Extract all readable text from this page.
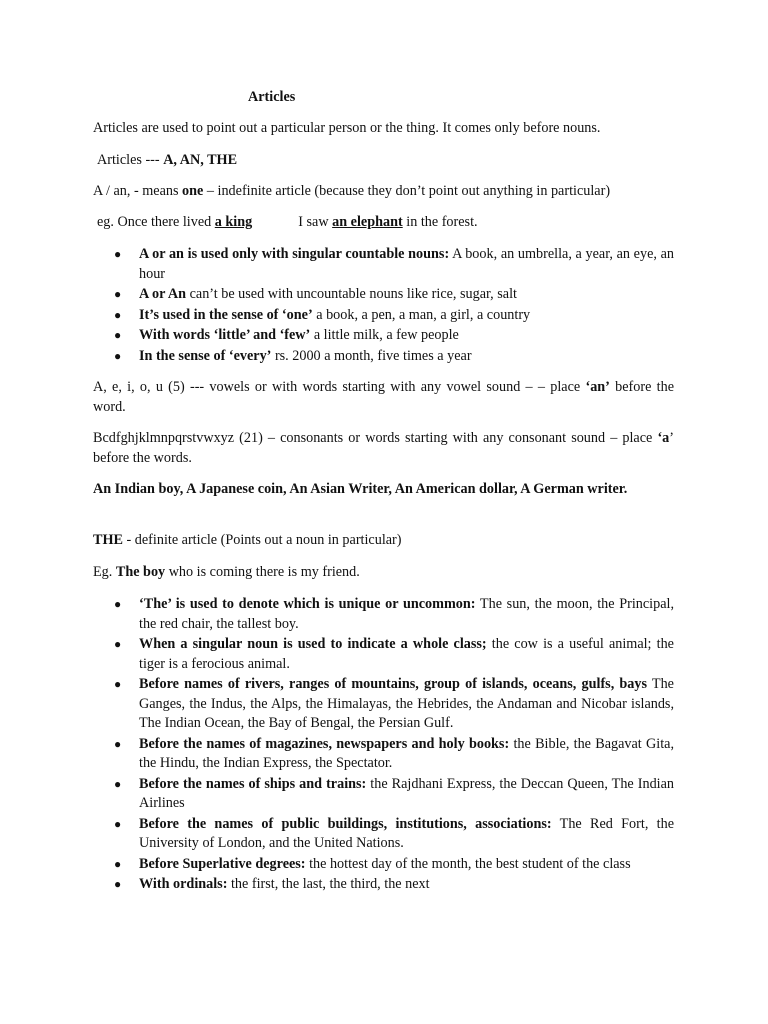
Articles
Articles are used to point out a particular person or the thing. It comes only before nouns.
Articles --- A, AN, THE
A / an, - means one – indefinite article (because they don’t point out anything in particular)
eg. Once there lived a king	I saw an elephant in the forest.
● A or an is used only with singular countable nouns: A book, an umbrella, a year, an eye, an hour
● A or An can’t be used with uncountable nouns like rice, sugar, salt
● It’s used in the sense of ‘one’ a book, a pen, a man, a girl, a country
● With words ‘little’ and ‘few’ a little milk, a few people
● In the sense of ‘every’ rs. 2000 a month, five times a year
A, e, i, o, u (5) --- vowels or with words starting with any vowel sound – – place ‘an’ before the word.
Bcdfghjklmnpqrstvwxyz (21) – consonants or words starting with any consonant sound – place ‘a’ before the words.
An Indian boy, A Japanese coin, An Asian Writer, An American dollar, A German writer.
THE - definite article (Points out a noun in particular)
Eg. The boy who is coming there is my friend.
● ‘The’ is used to denote which is unique or uncommon: The sun, the moon, the Principal, the red chair, the tallest boy.
● When a singular noun is used to indicate a whole class; the cow is a useful animal; the tiger is a ferocious animal.
● Before names of rivers, ranges of mountains, group of islands, oceans, gulfs, bays The Ganges, the Indus, the Alps, the Himalayas, the Hebrides, the Andaman and Nicobar islands, The Indian Ocean, the Bay of Bengal, the Persian Gulf.
● Before the names of magazines, newspapers and holy books: the Bible, the Bagavat Gita, the Hindu, the Indian Express, the Spectator.
● Before the names of ships and trains: the Rajdhani Express, the Deccan Queen, The Indian Airlines
● Before the names of public buildings, institutions, associations: The Red Fort, the University of London, and the United Nations.
● Before Superlative degrees: the hottest day of the month, the best student of the class
● With ordinals: the first, the last, the third, the next
